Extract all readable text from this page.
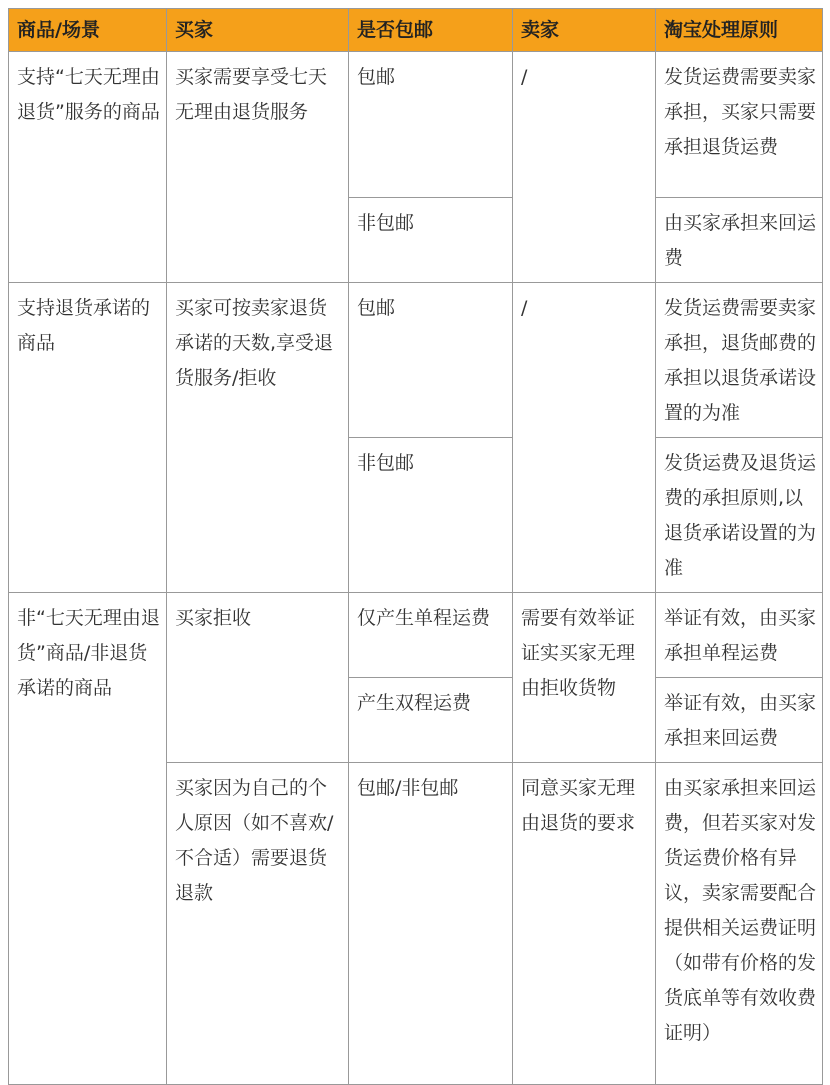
商品/场景	买家	是否包邮	卖家	淘宝处理原则
支持“七天无理由退货”服务的商品	买家需要享受七天无理由退货服务	包邮	/	发货运费需要卖家承担，买家只需要承担退货运费
		非包邮		由买家承担来回运费
支持退货承诺的商品	买家可按卖家退货承诺的天数,享受退货服务/拒收	包邮	/	发货运费需要卖家承担，退货邮费的承担以退货承诺设置的为准
		非包邮		发货运费及退货运费的承担原则,以退货承诺设置的为准
非“七天无理由退货”商品/非退货承诺的商品	买家拒收	仅产生单程运费	需要有效举证证实买家无理由拒收货物	举证有效，由买家承担单程运费
		产生双程运费		举证有效，由买家承担来回运费
	买家因为自己的个人原因（如不喜欢/不合适）需要退货退款	包邮/非包邮	同意买家无理由退货的要求	由买家承担来回运费，但若买家对发货运费价格有异议，卖家需要配合提供相关运费证明（如带有价格的发货底单等有效收费证明）
